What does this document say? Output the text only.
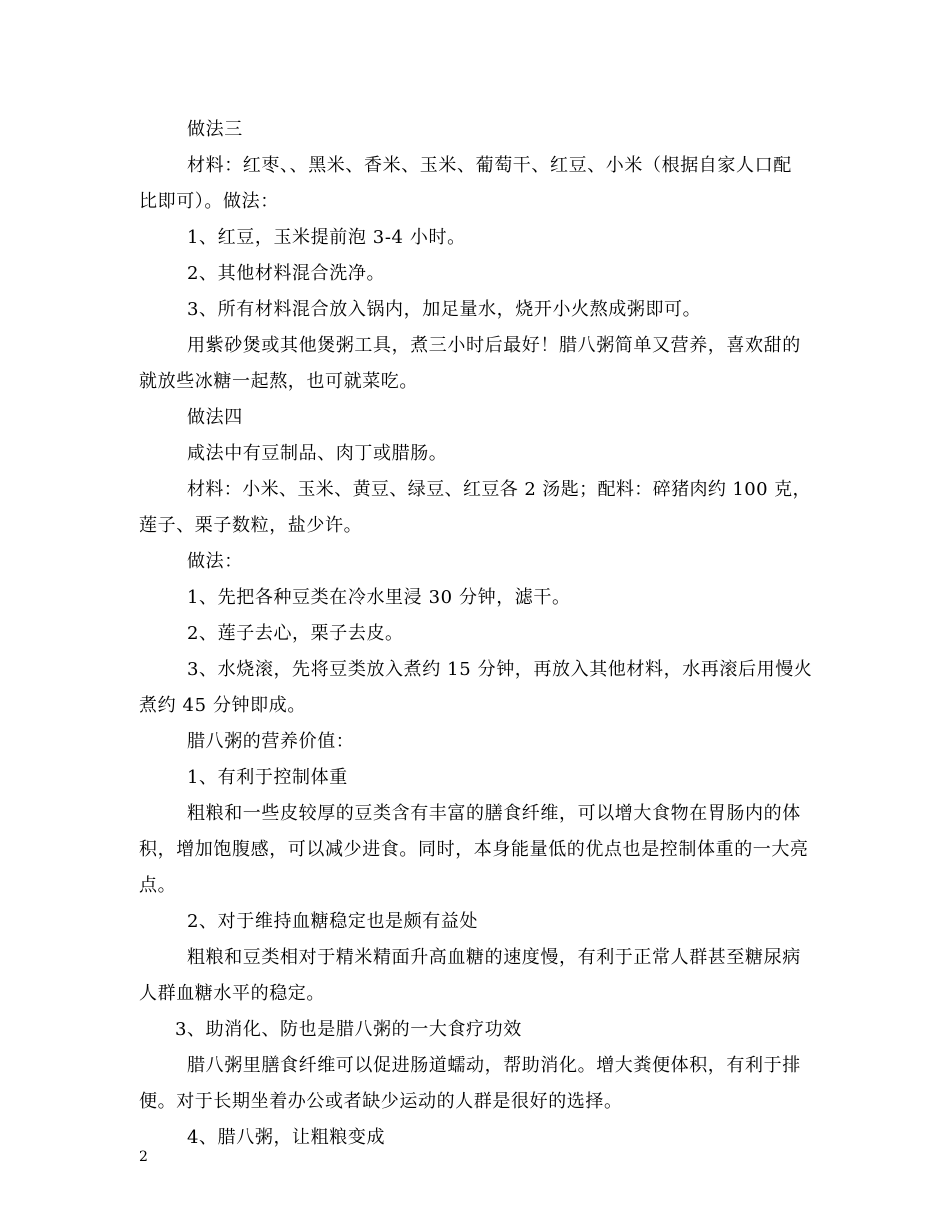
做法三
材料：红枣、、黑米、香米、玉米、葡萄干、红豆、小米（根据自家人口配
比即可）。做法：
1、红豆，玉米提前泡 3-4 小时。
2、其他材料混合洗净。
3、所有材料混合放入锅内，加足量水，烧开小火熬成粥即可。
用紫砂煲或其他煲粥工具，煮三小时后最好！腊八粥简单又营养，喜欢甜的
就放些冰糖一起熬，也可就菜吃。
做法四
咸法中有豆制品、肉丁或腊肠。
材料：小米、玉米、黄豆、绿豆、红豆各 2 汤匙；配料：碎猪肉约 100 克，
莲子、栗子数粒，盐少许。
做法：
1、先把各种豆类在冷水里浸 30 分钟，滤干。
2、莲子去心，栗子去皮。
3、水烧滚，先将豆类放入煮约 15 分钟，再放入其他材料，水再滚后用慢火
煮约 45 分钟即成。
腊八粥的营养价值：
1、有利于控制体重
粗粮和一些皮较厚的豆类含有丰富的膳食纤维，可以增大食物在胃肠内的体
积，增加饱腹感，可以减少进食。同时，本身能量低的优点也是控制体重的一大亮
点。
2、对于维持血糖稳定也是颇有益处
粗粮和豆类相对于精米精面升高血糖的速度慢，有利于正常人群甚至糖尿病
人群血糖水平的稳定。
3、助消化、防也是腊八粥的一大食疗功效
腊八粥里膳食纤维可以促进肠道蠕动，帮助消化。增大粪便体积，有利于排
便。对于长期坐着办公或者缺少运动的人群是很好的选择。
4、腊八粥，让粗粮变成
2
